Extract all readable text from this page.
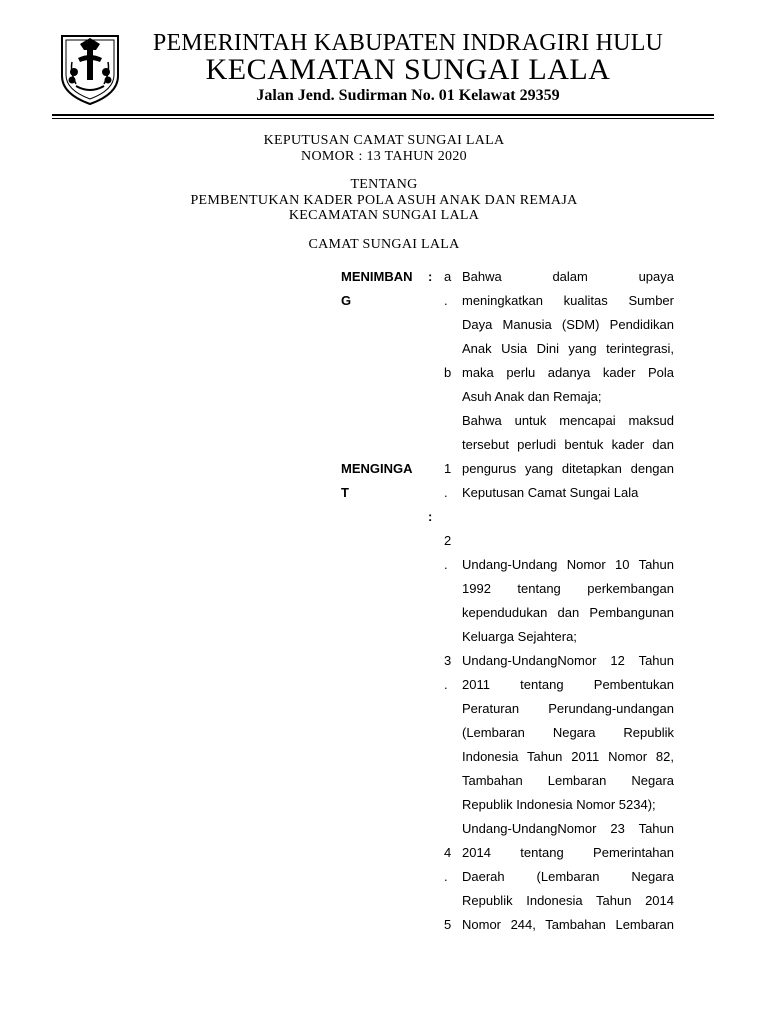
PEMERINTAH KABUPATEN INDRAGIRI HULU
KECAMATAN SUNGAI LALA
Jalan Jend. Sudirman No. 01 Kelawat 29359
KEPUTUSAN CAMAT SUNGAI LALA
NOMOR : 13 TAHUN 2020
TENTANG
PEMBENTUKAN KADER POLA ASUH ANAK DAN REMAJA
KECAMATAN SUNGAI LALA
CAMAT SUNGAI LALA
MENIMBAN
G
: a
.
b
MENGINGA
T
:
1
.
2
.
3
.
4
.
5
Bahwa dalam upaya
meningkatkan kualitas Sumber
Daya Manusia (SDM) Pendidikan
Anak Usia Dini yang terintegrasi,
maka perlu adanya kader Pola
Asuh Anak dan Remaja;
Bahwa untuk mencapai maksud
tersebut perludi bentuk kader dan
pengurus yang ditetapkan dengan
Keputusan Camat Sungai Lala
Undang-Undang Nomor 10 Tahun
1992 tentang perkembangan
kependudukan dan Pembangunan
Keluarga Sejahtera;
Undang-UndangNomor 12 Tahun
2011 tentang Pembentukan
Peraturan Perundang-undangan
(Lembaran Negara Republik
Indonesia Tahun 2011 Nomor 82,
Tambahan Lembaran Negara
Republik Indonesia Nomor 5234);
Undang-UndangNomor 23 Tahun
2014 tentang Pemerintahan
Daerah (Lembaran Negara
Republik Indonesia Tahun 2014
Nomor 244, Tambahan Lembaran
